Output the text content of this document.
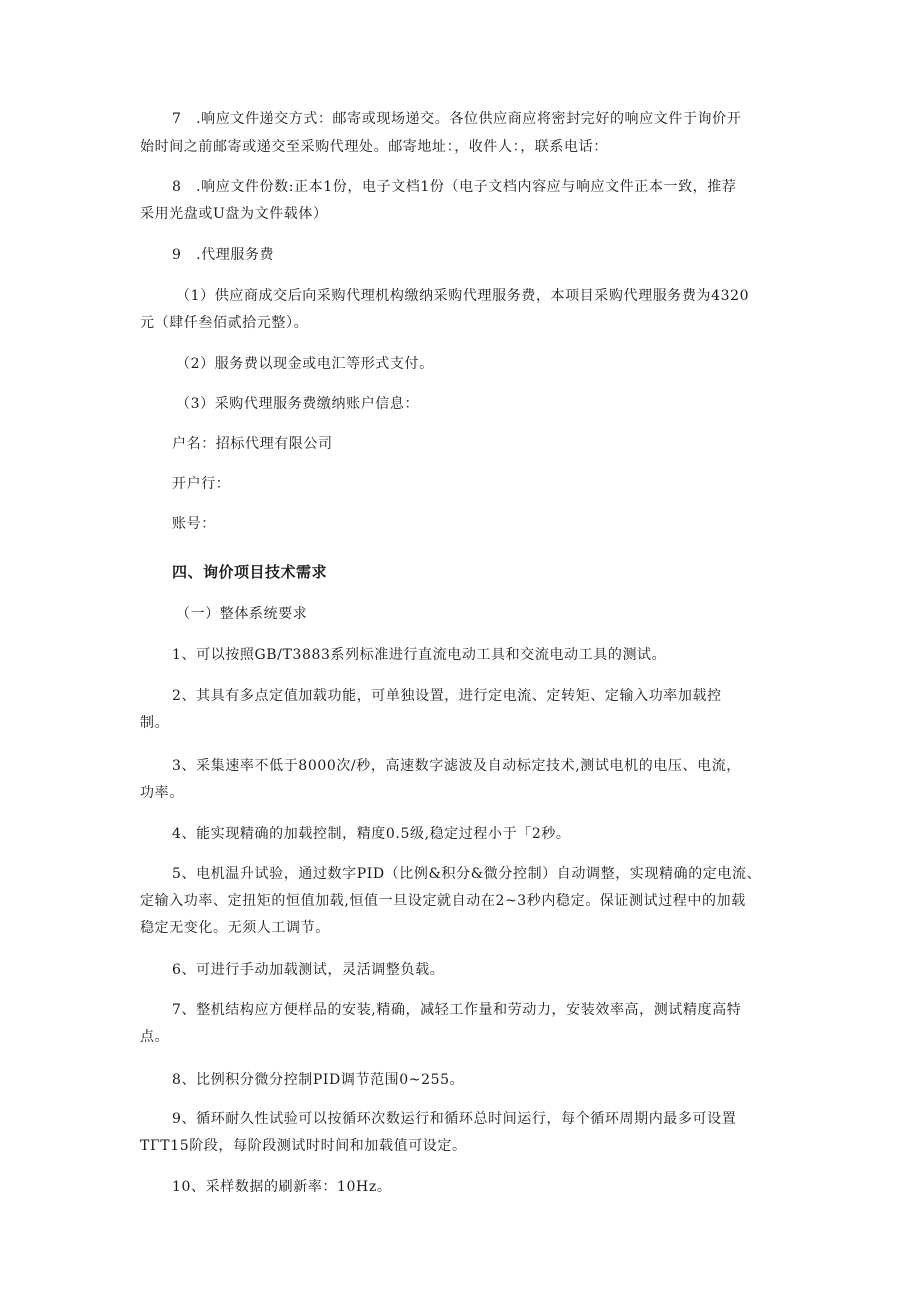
7　.响应文件递交方式：邮寄或现场递交。各位供应商应将密封完好的响应文件于询价开
始时间之前邮寄或递交至采购代理处。邮寄地址：，收件人：，联系电话：
8　.响应文件份数:正本1份，电子文档1份（电子文档内容应与响应文件正本一致，推荐
采用光盘或U盘为文件载体）
9　.代理服务费
（1）供应商成交后向采购代理机构缴纳采购代理服务费，本项目采购代理服务费为4320
元（肆仟叁佰贰拾元整）。
（2）服务费以现金或电汇等形式支付。
（3）采购代理服务费缴纳账户信息：
户名：招标代理有限公司
开户行：
账号：
四、询价项目技术需求
（一）整体系统要求
1、可以按照GB/T3883系列标准进行直流电动工具和交流电动工具的测试。
2、其具有多点定值加载功能，可单独设置，进行定电流、定转矩、定输入功率加载控
制。
3、采集速率不低于8000次/秒，高速数字滤波及自动标定技术,测试电机的电压、电流，
功率。
4、能实现精确的加载控制，精度0.5级,稳定过程小于「2秒。
5、电机温升试验，通过数字PID（比例&积分&微分控制）自动调整，实现精确的定电流、
定输入功率、定扭矩的恒值加载,恒值一旦设定就自动在2~3秒内稳定。保证测试过程中的加载
稳定无变化。无须人工调节。
6、可进行手动加载测试，灵活调整负载。
7、整机结构应方便样品的安装,精确，减轻工作量和劳动力，安装效率高，测试精度高特
点。
8、比例积分微分控制PID调节范围0~255。
9、循环耐久性试验可以按循环次数运行和循环总时间运行，每个循环周期内最多可设置
TΓT15阶段，每阶段测试时时间和加载值可设定。
10、采样数据的刷新率：10Hz。
